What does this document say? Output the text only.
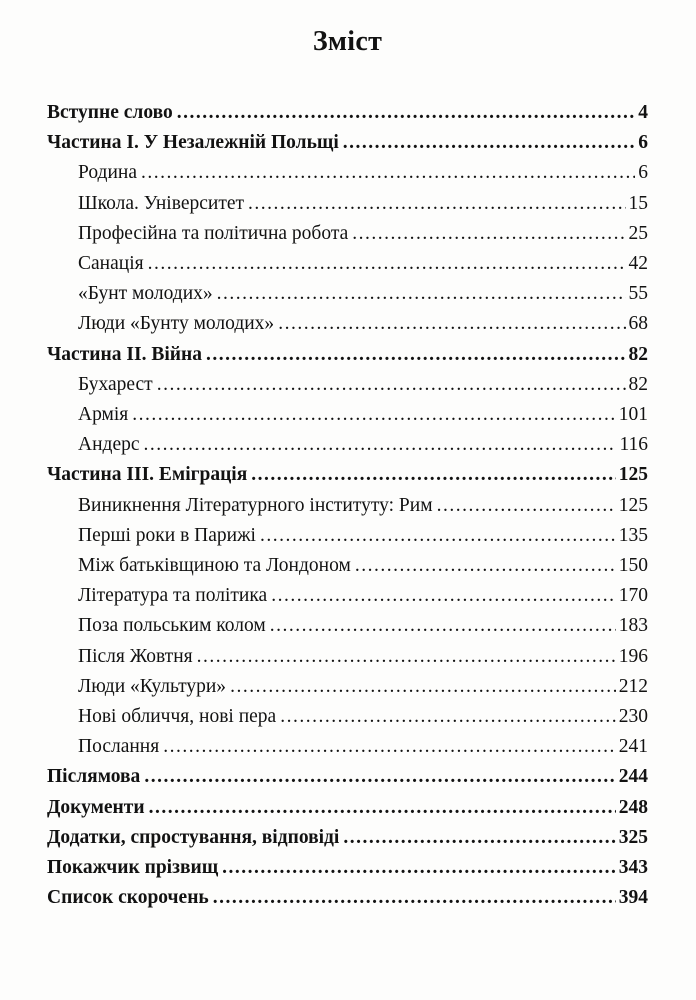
Зміст
Вступне слово .....	4
Частина I. У Незалежній Польщі .....	6
Родина .....	6
Школа. Університет .....	15
Професійна та політична робота .....	25
Санація .....	42
«Бунт молодих» .....	55
Люди «Бунту молодих» .....	68
Частина II. Війна .....	82
Бухарест .....	82
Армія .....	101
Андерс .....	116
Частина III. Еміграція .....	125
Виникнення Літературного інституту: Рим .....	125
Перші роки в Парижі .....	135
Між батьківщиною та Лондоном .....	150
Література та політика .....	170
Поза польським колом .....	183
Після Жовтня .....	196
Люди «Культури» .....	212
Нові обличчя, нові пера .....	230
Послання .....	241
Післямова .....	244
Документи .....	248
Додатки, спростування, відповіді .....	325
Покажчик прізвищ .....	343
Список скорочень .....	394
